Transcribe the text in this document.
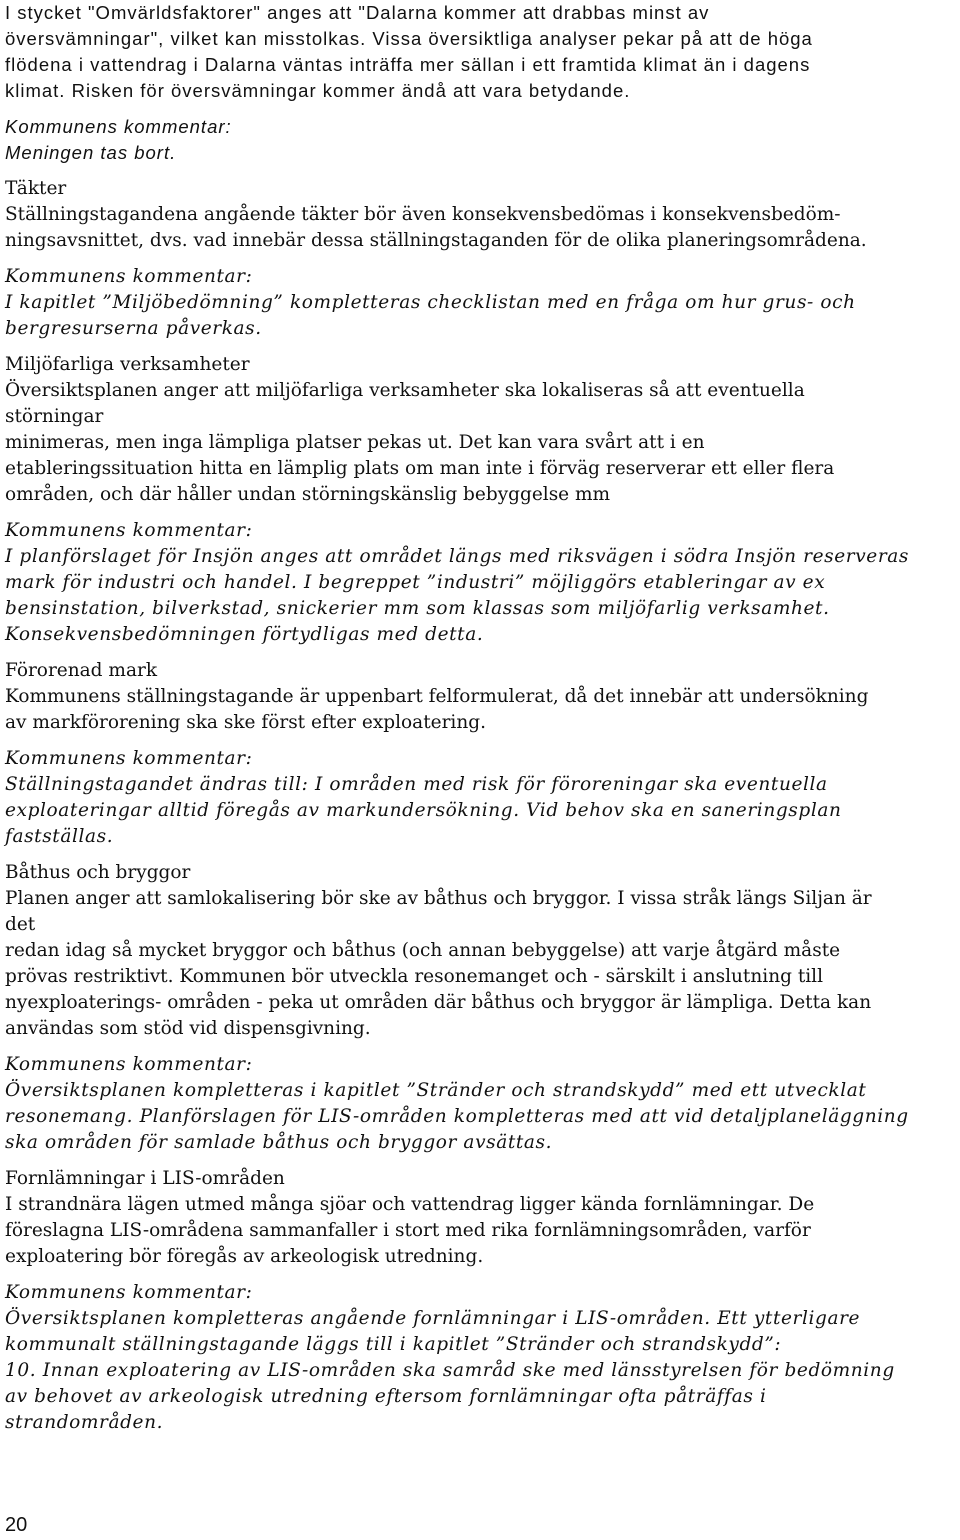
I stycket "Omvärldsfaktorer" anges att "Dalarna kommer att drabbas minst av
översvämningar", vilket kan misstolkas. Vissa översiktliga analyser pekar på att de höga
flödena i vattendrag i Dalarna väntas inträffa mer sällan i ett framtida klimat än i dagens
klimat. Risken för översvämningar kommer ändå att vara betydande.
Kommunens kommentar:
Meningen tas bort.
Täkter
Ställningstagandena angående täkter bör även konsekvensbedömas i konsekvensbedöm-
ningsavsnittet, dvs. vad innebär dessa ställningstaganden för de olika planeringsområdena.
Kommunens kommentar:
I kapitlet ”Miljöbedömning” kompletteras checklistan med en fråga om hur grus- och
bergresurserna påverkas.
Miljöfarliga verksamheter
Översiktsplanen anger att miljöfarliga verksamheter ska lokaliseras så att eventuella
störningar
minimeras, men inga lämpliga platser pekas ut. Det kan vara svårt att i en
etableringssituation hitta en lämplig plats om man inte i förväg reserverar ett eller flera
områden, och där håller undan störningskänslig bebyggelse mm
Kommunens kommentar:
I planförslaget för Insjön anges att området längs med riksvägen i södra Insjön reserveras
mark för industri och handel. I begreppet ”industri” möjliggörs etableringar av ex
bensinstation, bilverkstad, snickerier mm som klassas som miljöfarlig verksamhet.
Konsekvensbedömningen förtydligas med detta.
Förorenad mark
Kommunens ställningstagande är uppenbart felformulerat, då det innebär att undersökning
av markförorening ska ske först efter exploatering.
Kommunens kommentar:
Ställningstagandet ändras till: I områden med risk för föroreningar ska eventuella
exploateringar alltid föregås av markundersökning. Vid behov ska en saneringsplan
fastställas.
Båthus och bryggor
Planen anger att samlokalisering bör ske av båthus och bryggor. I vissa stråk längs Siljan är
det
redan idag så mycket bryggor och båthus (och annan bebyggelse) att varje åtgärd måste
prövas restriktivt. Kommunen bör utveckla resonemanget och - särskilt i anslutning till
nyexploaterings- områden - peka ut områden där båthus och bryggor är lämpliga. Detta kan
användas som stöd vid dispensgivning.
Kommunens kommentar:
Översiktsplanen kompletteras i kapitlet ”Stränder och strandskydd” med ett utvecklat
resonemang. Planförslagen för LIS-områden kompletteras med att vid detaljplaneläggning
ska områden för samlade båthus och bryggor avsättas.
Fornlämningar i LIS-områden
I strandnära lägen utmed många sjöar och vattendrag ligger kända fornlämningar. De
föreslagna LIS-områdena sammanfaller i stort med rika fornlämningsområden, varför
exploatering bör föregås av arkeologisk utredning.
Kommunens kommentar:
Översiktsplanen kompletteras angående fornlämningar i LIS-områden. Ett ytterligare
kommunalt ställningstagande läggs till i kapitlet ”Stränder och strandskydd”:
10. Innan exploatering av LIS-områden ska samråd ske med länsstyrelsen för bedömning
av behovet av arkeologisk utredning eftersom fornlämningar ofta påträffas i
strandområden.
20
